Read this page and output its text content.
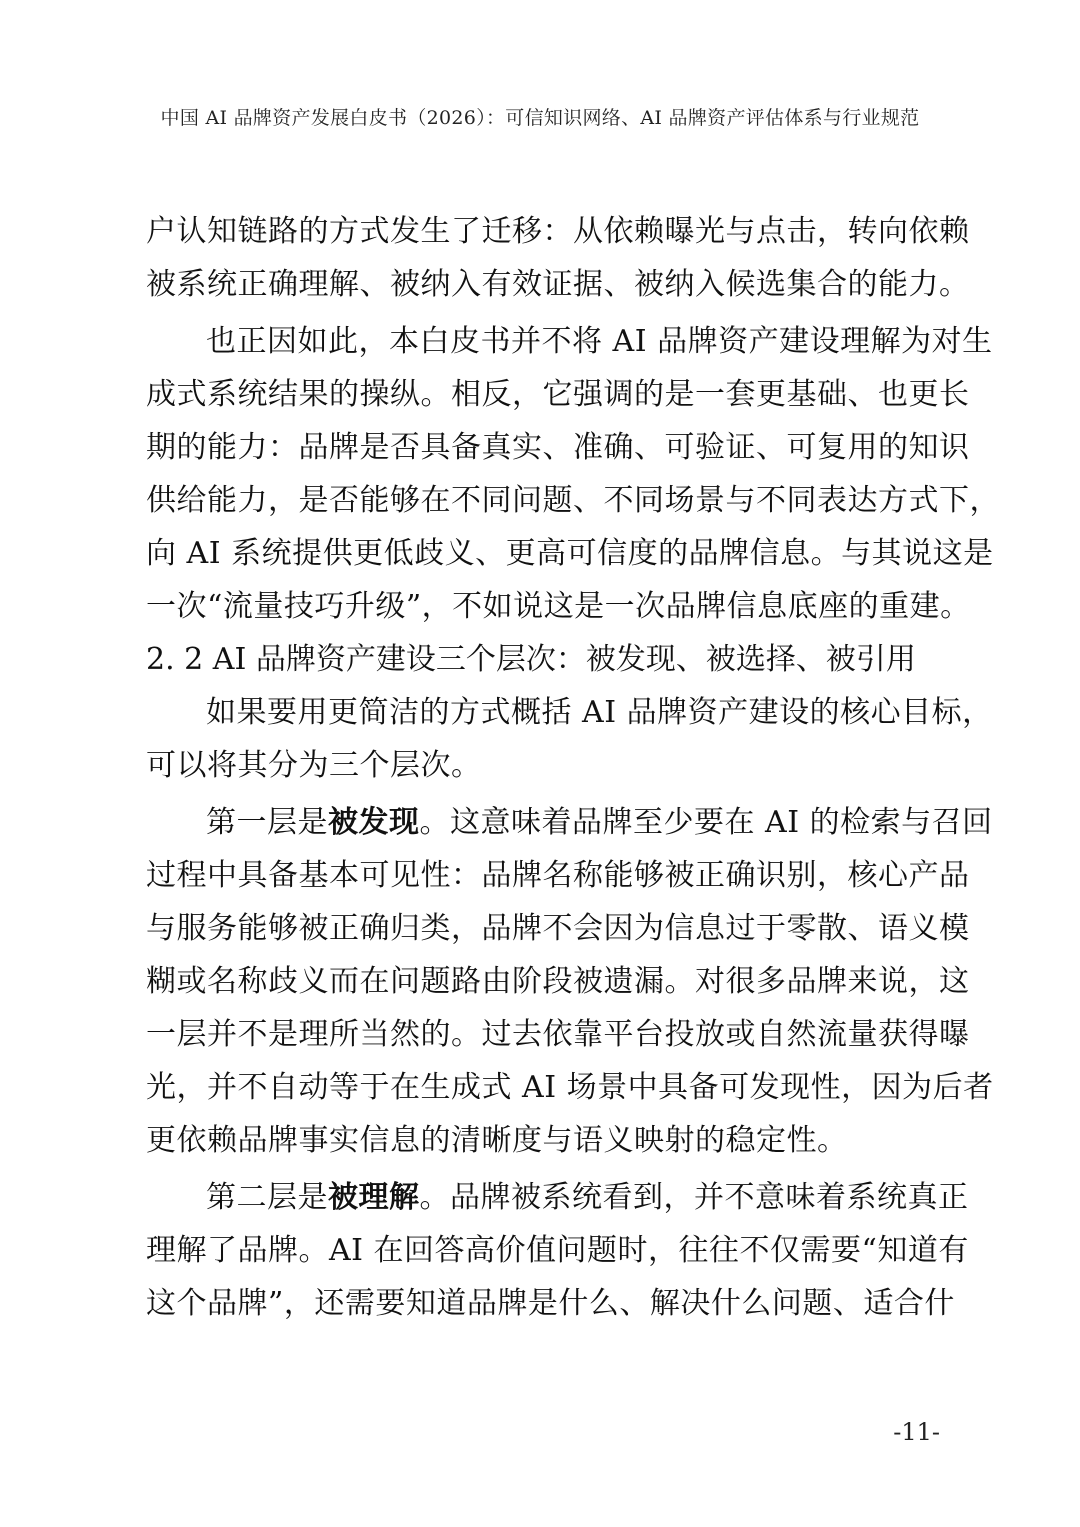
中国 AI 品牌资产发展白皮书（2026）：可信知识网络、AI 品牌资产评估体系与行业规范
户认知链路的方式发生了迁移：从依赖曝光与点击，转向依赖
被系统正确理解、被纳入有效证据、被纳入候选集合的能力。
也正因如此，本白皮书并不将 AI 品牌资产建设理解为对生
成式系统结果的操纵。相反，它强调的是一套更基础、也更长
期的能力：品牌是否具备真实、准确、可验证、可复用的知识
供给能力，是否能够在不同问题、不同场景与不同表达方式下，
向 AI 系统提供更低歧义、更高可信度的品牌信息。与其说这是
一次“流量技巧升级”，不如说这是一次品牌信息底座的重建。
2. 2 AI 品牌资产建设三个层次：被发现、被选择、被引用
如果要用更简洁的方式概括 AI 品牌资产建设的核心目标，
可以将其分为三个层次。
第一层是被发现。这意味着品牌至少要在 AI 的检索与召回
过程中具备基本可见性：品牌名称能够被正确识别，核心产品
与服务能够被正确归类，品牌不会因为信息过于零散、语义模
糊或名称歧义而在问题路由阶段被遗漏。对很多品牌来说，这
一层并不是理所当然的。过去依靠平台投放或自然流量获得曝
光，并不自动等于在生成式 AI 场景中具备可发现性，因为后者
更依赖品牌事实信息的清晰度与语义映射的稳定性。
第二层是被理解。品牌被系统看到，并不意味着系统真正
理解了品牌。AI 在回答高价值问题时，往往不仅需要“知道有
这个品牌”，还需要知道品牌是什么、解决什么问题、适合什
-11-
